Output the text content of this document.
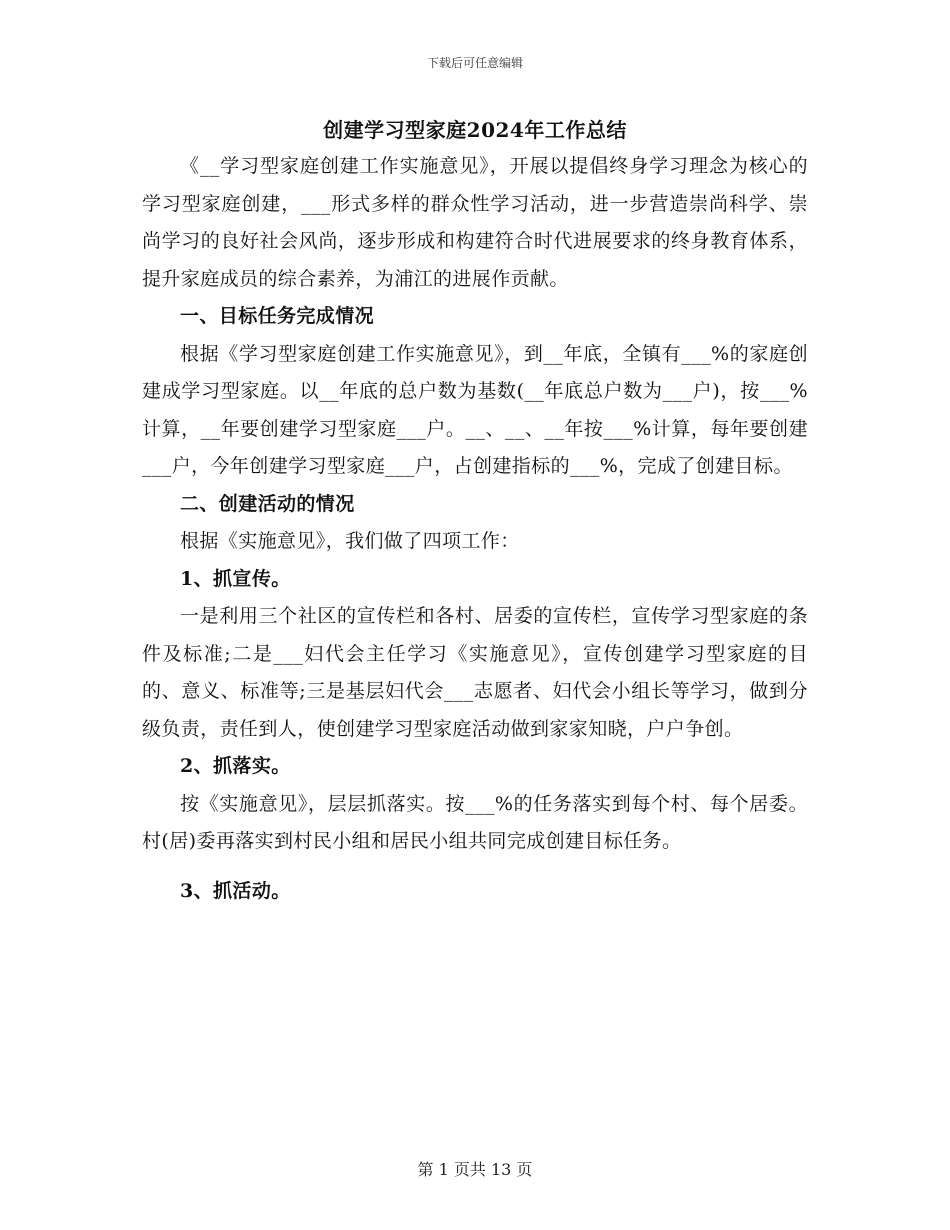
下载后可任意编辑
创建学习型家庭2024年工作总结

《__学习型家庭创建工作实施意见》，开展以提倡终身学习理念为核心的学习型家庭创建，___形式多样的群众性学习活动，进一步营造崇尚科学、崇尚学习的良好社会风尚，逐步形成和构建符合时代进展要求的终身教育体系，提升家庭成员的综合素养，为浦江的进展作贡献。

一、目标任务完成情况

根据《学习型家庭创建工作实施意见》，到__年底，全镇有___%的家庭创建成学习型家庭。以__年底的总户数为基数(__年底总户数为___户)，按___%计算，__年要创建学习型家庭___户。__、__、__年按___%计算，每年要创建___户，今年创建学习型家庭___户，占创建指标的___%，完成了创建目标。

二、创建活动的情况

根据《实施意见》，我们做了四项工作：

1、抓宣传。

一是利用三个社区的宣传栏和各村、居委的宣传栏，宣传学习型家庭的条件及标准;二是___妇代会主任学习《实施意见》，宣传创建学习型家庭的目的、意义、标准等;三是基层妇代会___志愿者、妇代会小组长等学习，做到分级负责，责任到人，使创建学习型家庭活动做到家家知晓，户户争创。

2、抓落实。

按《实施意见》，层层抓落实。按___%的任务落实到每个村、每个居委。村(居)委再落实到村民小组和居民小组共同完成创建目标任务。

3、抓活动。

第 1 页共 13 页
